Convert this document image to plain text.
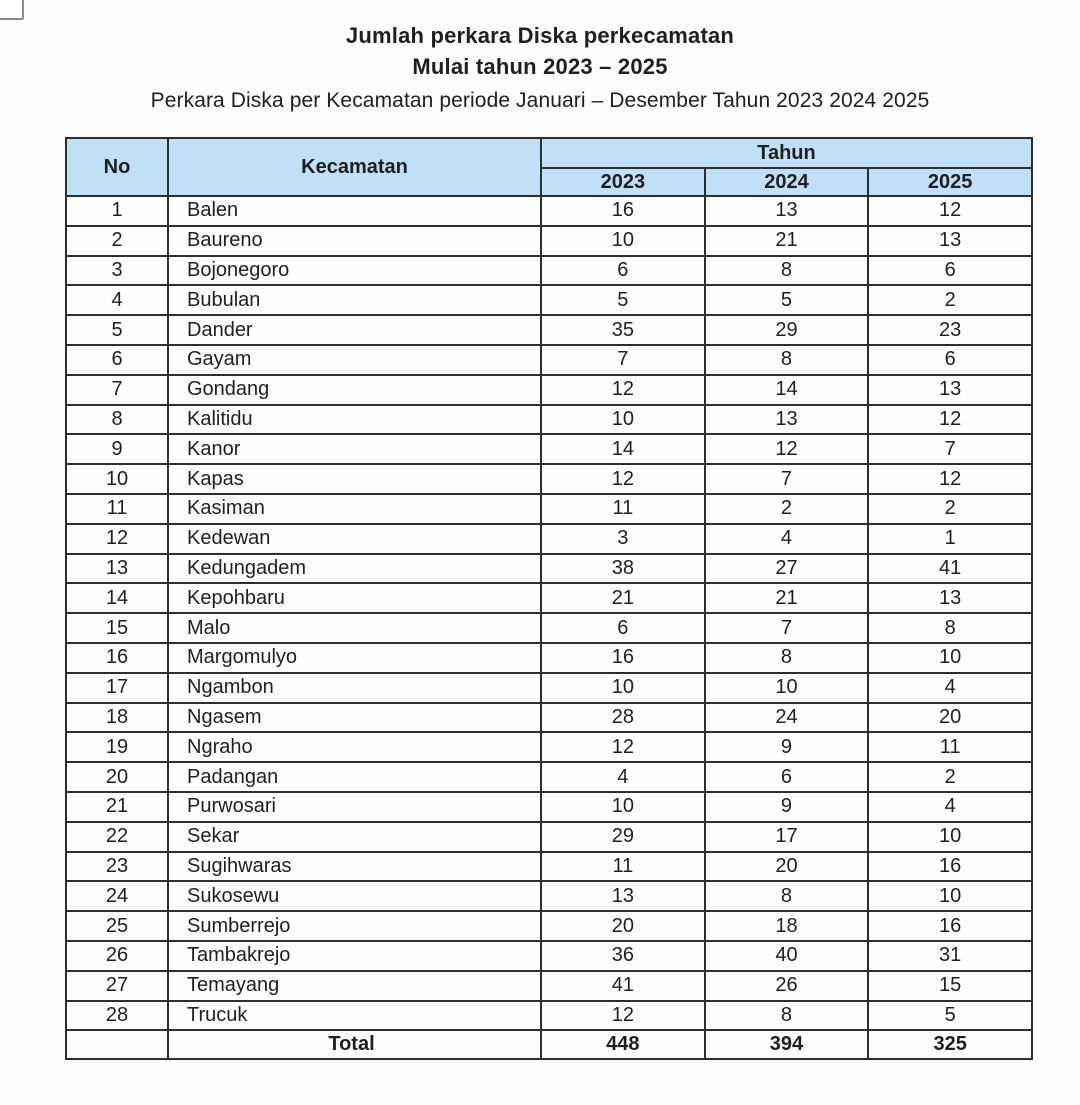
Jumlah perkara Diska perkecamatan
Mulai tahun 2023 – 2025
Perkara Diska per Kecamatan periode Januari – Desember Tahun 2023 2024 2025
No	Kecamatan	Tahun		
		2023	2024	2025
1	Balen	16	13	12
2	Baureno	10	21	13
3	Bojonegoro	6	8	6
4	Bubulan	5	5	2
5	Dander	35	29	23
6	Gayam	7	8	6
7	Gondang	12	14	13
8	Kalitidu	10	13	12
9	Kanor	14	12	7
10	Kapas	12	7	12
11	Kasiman	11	2	2
12	Kedewan	3	4	1
13	Kedungadem	38	27	41
14	Kepohbaru	21	21	13
15	Malo	6	7	8
16	Margomulyo	16	8	10
17	Ngambon	10	10	4
18	Ngasem	28	24	20
19	Ngraho	12	9	11
20	Padangan	4	6	2
21	Purwosari	10	9	4
22	Sekar	29	17	10
23	Sugihwaras	11	20	16
24	Sukosewu	13	8	10
25	Sumberrejo	20	18	16
26	Tambakrejo	36	40	31
27	Temayang	41	26	15
28	Trucuk	12	8	5
	Total	448	394	325
